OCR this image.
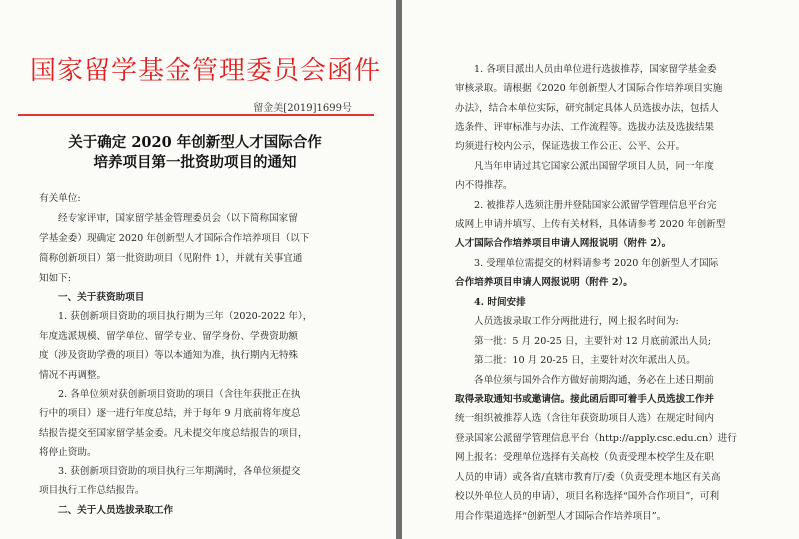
国家留学基金管理委员会函件
留金美[2019]1699号
关于确定 2020 年创新型人才国际合作
培养项目第一批资助项目的通知
有关单位:
经专家评审，国家留学基金管理委员会（以下简称国家留
学基金委）现确定 2020 年创新型人才国际合作培养项目（以下
简称创新项目）第一批资助项目（见附件 1），并就有关事宜通
知如下:
一、关于获资助项目
1. 获创新项目资助的项目执行期为三年（2020-2022 年），
年度选派规模、留学单位、留学专业、留学身份、学费资助额
度（涉及资助学费的项目）等以本通知为准，执行期内无特殊
情况不再调整。
2. 各单位须对获创新项目资助的项目（含往年获批正在执
行中的项目）逐一进行年度总结，并于每年 9 月底前将年度总
结报告提交至国家留学基金委。凡未提交年度总结报告的项目，
将停止资助。
3. 获创新项目资助的项目执行三年期满时，各单位须提交
项目执行工作总结报告。
二、关于人员选拔录取工作
1. 各项目派出人员由单位进行选拔推荐，国家留学基金委
审核录取。请根据《2020 年创新型人才国际合作培养项目实施
办法》，结合本单位实际，研究制定具体人员选拔办法，包括人
选条件、评审标准与办法、工作流程等。选拔办法及选拔结果
均须进行校内公示，保证选拔工作公正、公平、公开。
凡当年申请过其它国家公派出国留学项目人员，同一年度
内不得推荐。
2. 被推荐人选须注册并登陆国家公派留学管理信息平台完
成网上申请并填写、上传有关材料，具体请参考 2020 年创新型
人才国际合作培养项目申请人网报说明（附件 2）。
3. 受理单位需提交的材料请参考 2020 年创新型人才国际
合作培养项目申请人网报说明（附件 2）。
4. 时间安排
人员选拔录取工作分两批进行，网上报名时间为:
第一批：5 月 20-25 日，主要针对 12 月底前派出人员;
第二批：10 月 20-25 日，主要针对次年派出人员。
各单位须与国外合作方做好前期沟通，务必在上述日期前
取得录取通知书或邀请信。接此函后即可着手人员选拔工作并
统一组织被推荐人选（含往年获资助项目人选）在规定时间内
登录国家公派留学管理信息平台（http://apply.csc.edu.cn）进行
网上报名：受理单位选择有关高校（负责受理本校学生及在职
人员的申请）或各省/直辖市教育厅/委（负责受理本地区有关高
校以外单位人员的申请），项目名称选择“国外合作项目”，可利
用合作渠道选择“创新型人才国际合作培养项目”。
